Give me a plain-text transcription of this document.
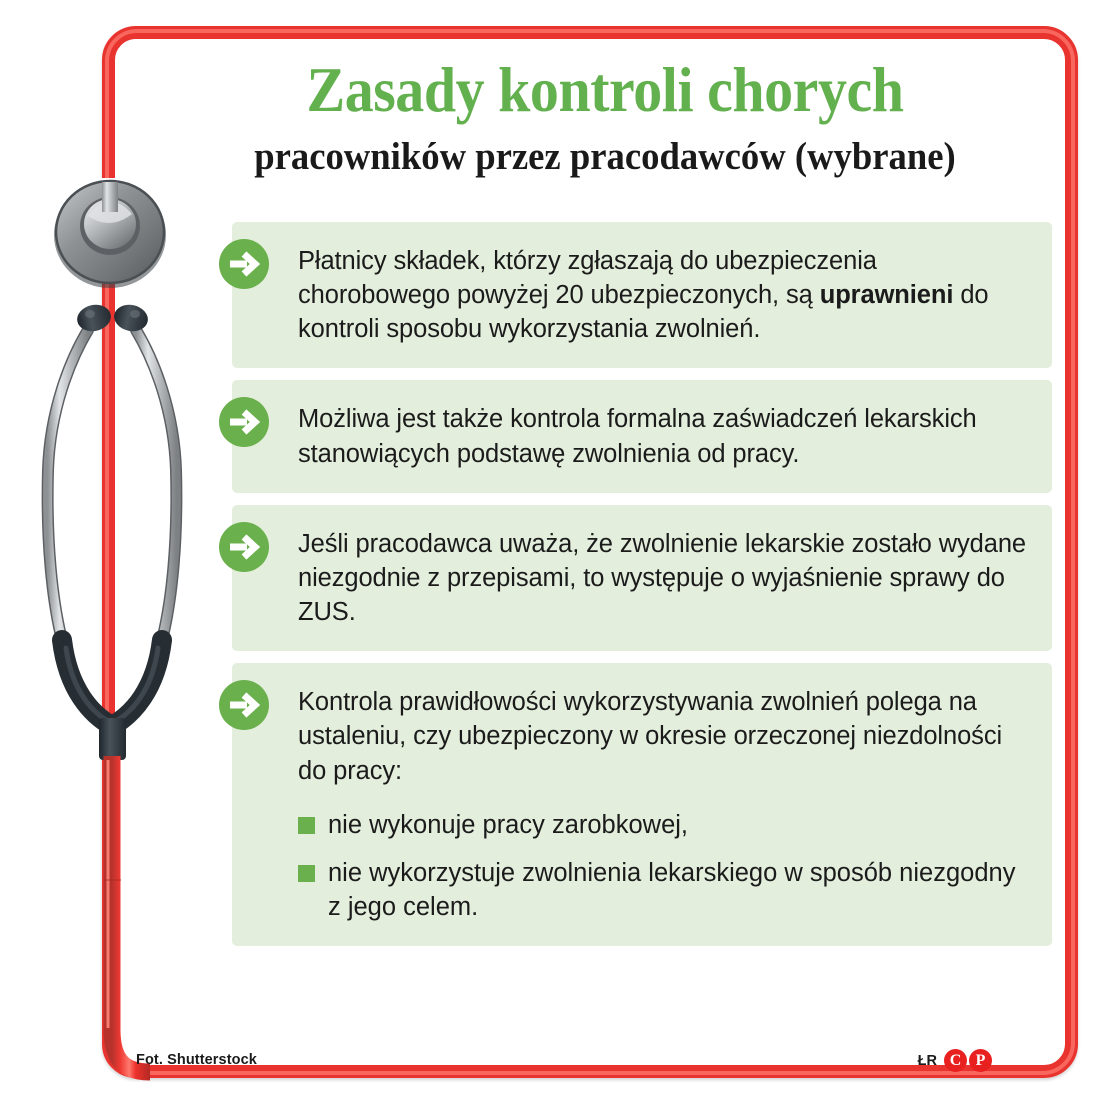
Zasady kontroli chorych
pracowników przez pracodawców (wybrane)
Płatnicy składek, którzy zgłaszają do ubezpieczenia chorobowego powyżej 20 ubezpieczonych, są uprawnieni do kontroli sposobu wykorzystania zwolnień.
Możliwa jest także kontrola formalna zaświadczeń lekarskich stanowiących podstawę zwolnienia od pracy.
Jeśli pracodawca uważa, że zwolnienie lekarskie zostało wydane niezgodnie z przepisami, to występuje o wyjaśnienie sprawy do ZUS.
Kontrola prawidłowości wykorzystywania zwolnień polega na ustaleniu, czy ubezpieczony w okresie orzeczonej niezdolności do pracy:
nie wykonuje pracy zarobkowej,
nie wykorzystuje zwolnienia lekarskiego w sposób niezgodny z jego celem.
Fot. Shutterstock	ŁR C P
